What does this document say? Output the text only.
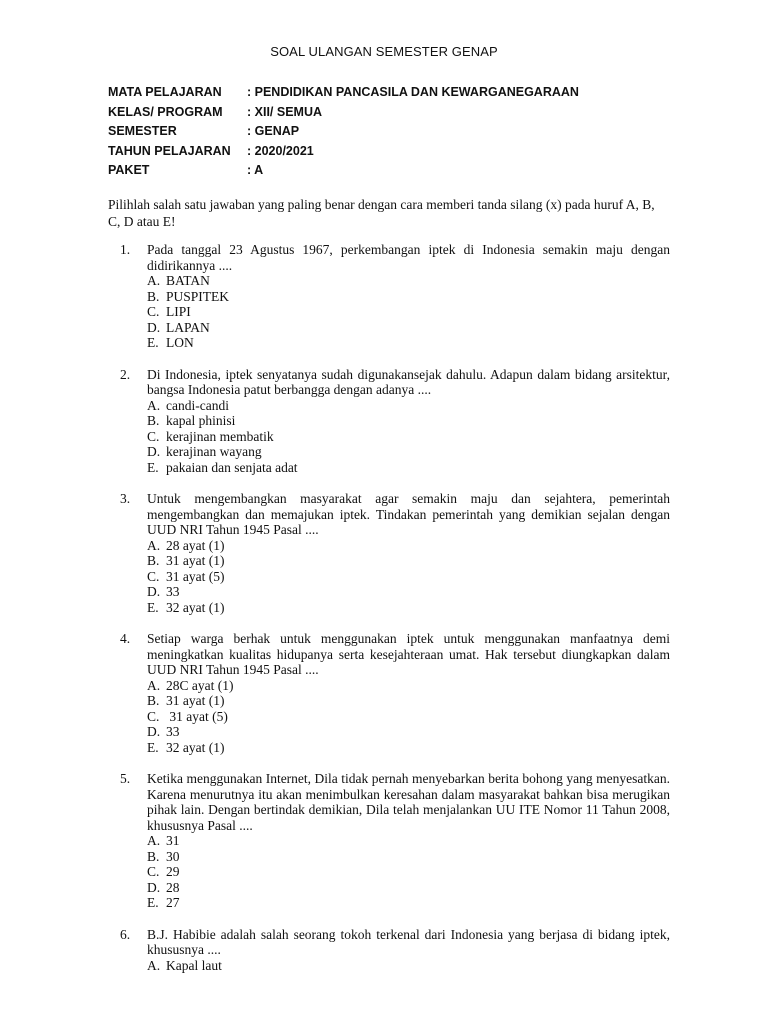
SOAL ULANGAN SEMESTER GENAP
MATA PELAJARAN	: PENDIDIKAN PANCASILA DAN KEWARGANEGARAAN
KELAS/ PROGRAM	: XII/ SEMUA
SEMESTER	: GENAP
TAHUN PELAJARAN	: 2020/2021
PAKET	: A
Pilihlah salah satu jawaban yang paling benar dengan cara memberi tanda silang (x) pada huruf A, B, C, D atau E!
1.	Pada tanggal 23 Agustus 1967, perkembangan iptek di Indonesia semakin maju dengan didirikannya ....
A. BATAN
B. PUSPITEK
C. LIPI
D. LAPAN
E. LON
2.	Di Indonesia, iptek senyatanya sudah digunakansejak dahulu. Adapun dalam bidang arsitektur, bangsa Indonesia patut berbangga dengan adanya ....
A. candi-candi
B. kapal phinisi
C. kerajinan membatik
D. kerajinan wayang
E. pakaian dan senjata adat
3.	Untuk mengembangkan masyarakat agar semakin maju dan sejahtera, pemerintah mengembangkan dan memajukan iptek. Tindakan pemerintah yang demikian sejalan dengan UUD NRI Tahun 1945 Pasal ....
A. 28 ayat (1)
B. 31 ayat (1)
C. 31 ayat (5)
D. 33
E. 32 ayat (1)
4.	Setiap warga berhak untuk menggunakan iptek untuk menggunakan manfaatnya demi meningkatkan kualitas hidupanya serta kesejahteraan umat. Hak tersebut diungkapkan dalam UUD NRI Tahun 1945 Pasal ....
A. 28C ayat (1)
B. 31 ayat (1)
C. 31 ayat (5)
D. 33
E. 32 ayat (1)
5.	Ketika menggunakan Internet, Dila tidak pernah menyebarkan berita bohong yang menyesatkan. Karena menurutnya itu akan menimbulkan keresahan dalam masyarakat bahkan bisa merugikan pihak lain. Dengan bertindak demikian, Dila telah menjalankan UU ITE Nomor 11 Tahun 2008, khususnya Pasal ....
A. 31
B. 30
C. 29
D. 28
E. 27
6.	B.J. Habibie adalah salah seorang tokoh terkenal dari Indonesia yang berjasa di bidang iptek, khususnya ....
A. Kapal laut
